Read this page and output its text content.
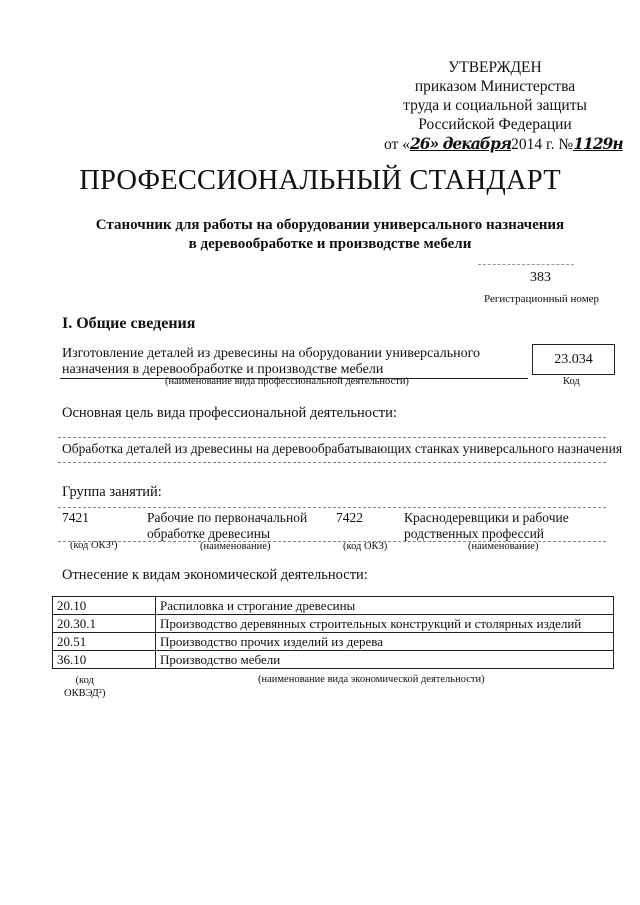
УТВЕРЖДЕН
приказом Министерства
труда и социальной защиты
Российской Федерации
от «26» декабря2014 г. №1129н
ПРОФЕССИОНАЛЬНЫЙ СТАНДАРТ
Станочник для работы на оборудовании универсального назначения
в деревообработке и производстве мебели
383
Регистрационный номер
I. Общие сведения
Изготовление деталей из древесины на оборудовании универсального
назначения в деревообработке и производстве мебели
(наименование вида профессиональной деятельности)
23.034
Код
Основная цель вида профессиональной деятельности:
Обработка деталей из древесины на деревообрабатывающих станках универсального назначения
Группа занятий:
7421	Рабочие по первоначальной
обработке древесины
7422	Краснодеревщики и рабочие
родственных профессий
(код ОКЗ¹)	(наименование)	(код ОКЗ)	(наименование)
Отнесение к видам экономической деятельности:
20.10	Распиловка и строгание древесины
20.30.1	Производство деревянных строительных конструкций и столярных изделий
20.51	Производство прочих изделий из дерева
36.10	Производство мебели
(код
ОКВЭД²)
(наименование вида экономической деятельности)
